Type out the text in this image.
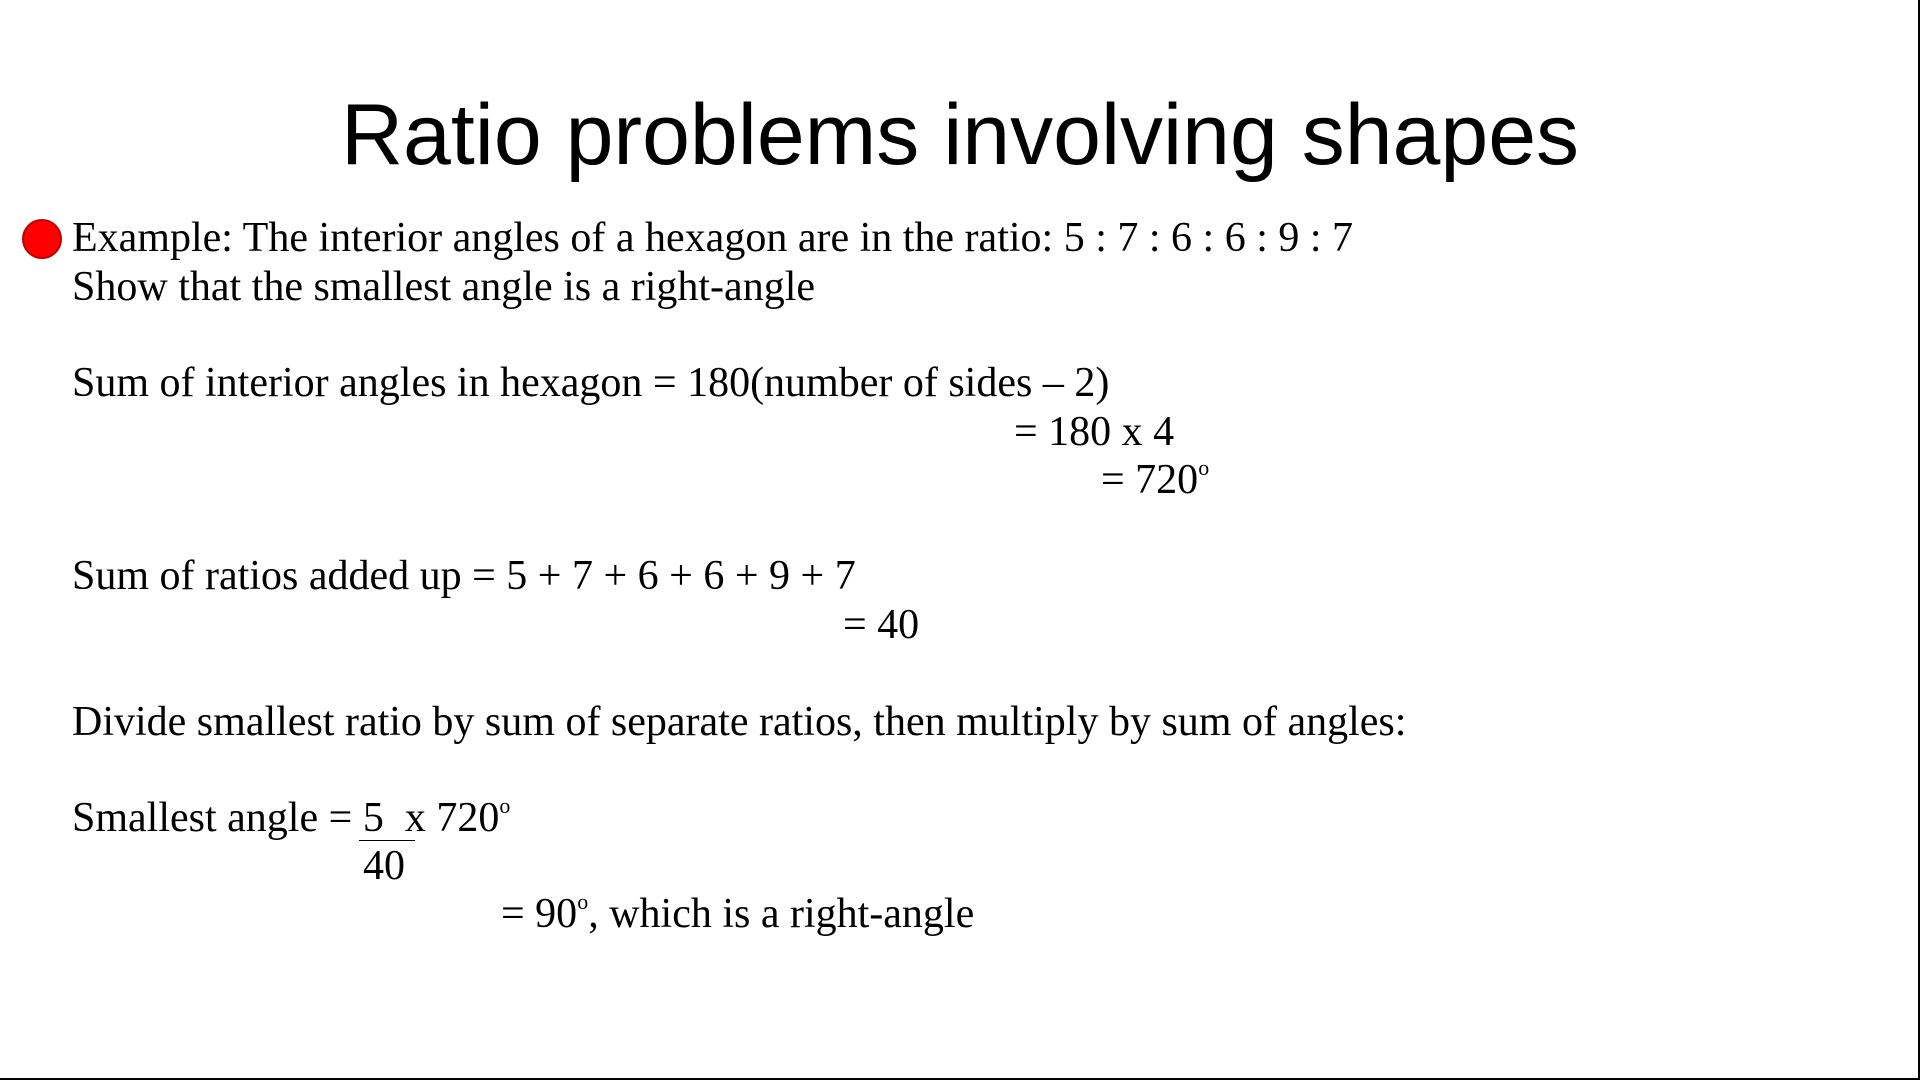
Ratio problems involving shapes
Example: The interior angles of a hexagon are in the ratio: 5 : 7 : 6 : 6 : 9 : 7
Show that the smallest angle is a right-angle
Sum of interior angles in hexagon = 180(number of sides – 2)
= 180 x 4
= $720^o$
Sum of ratios added up = 5 + 7 + 6 + 6 + 9 + 7
= 40
Divide smallest ratio by sum of separate ratios, then multiply by sum of angles:
Smallest angle = 5 x 720$^o$
40
= $90^o$, which is a right-angle
